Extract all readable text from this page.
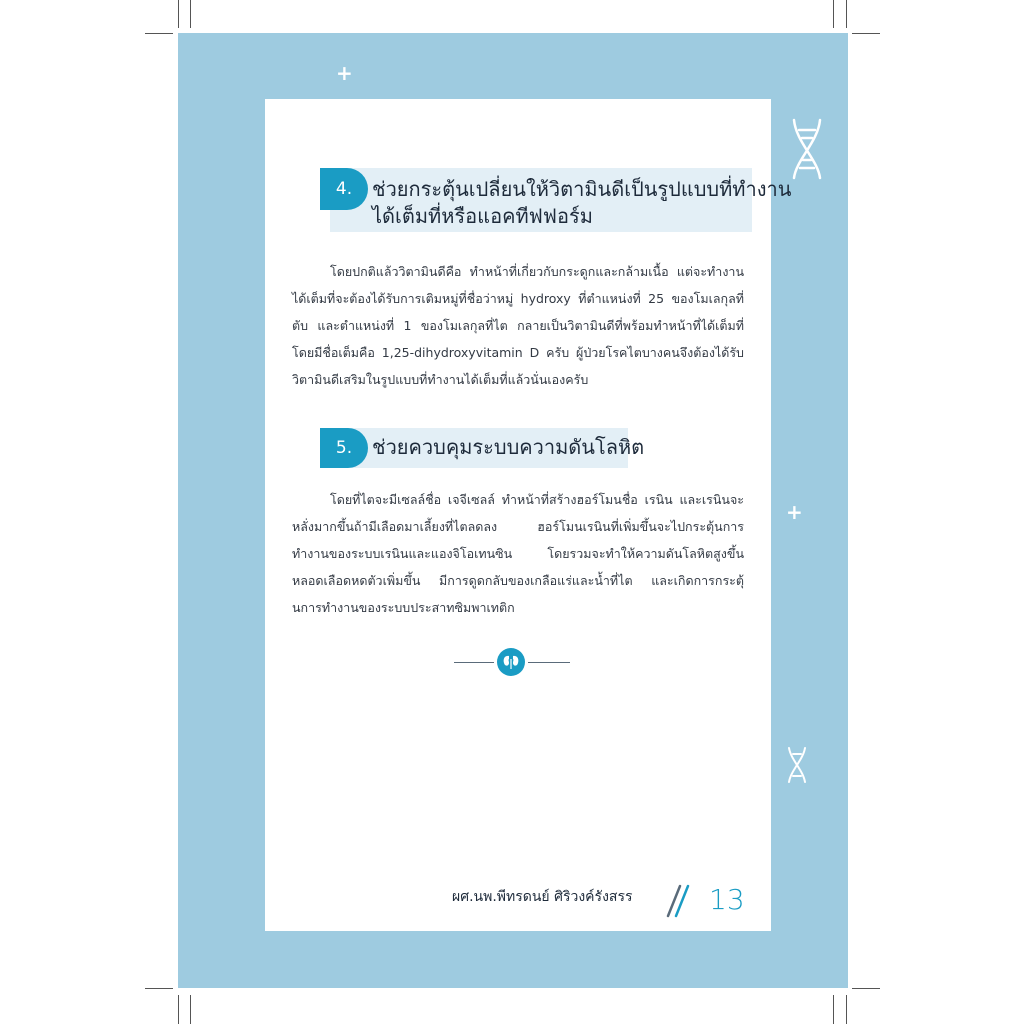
+
+
4. ช่วยกระตุ้นเปลี่ยนให้วิตามินดีเป็นรูปแบบที่ทำงาน
ได้เต็มที่หรือแอคทีฟฟอร์ม
โดยปกติแล้ววิตามินดีคือ ทำหน้าที่เกี่ยวกับกระดูกและกล้ามเนื้อ แต่จะทำงานได้เต็มที่จะต้องได้รับการเติมหมู่ที่ชื่อว่าหมู่ hydroxy ที่ตำแหน่งที่ 25 ของโมเลกุลที่ตับ และตำแหน่งที่ 1 ของโมเลกุลที่ไต กลายเป็นวิตามินดีที่พร้อมทำหน้าที่ได้เต็มที่ โดยมีชื่อเต็มคือ 1,25-dihydroxyvitamin D ครับ ผู้ป่วยโรคไตบางคนจึงต้องได้รับวิตามินดีเสริมในรูปแบบที่ทำงานได้เต็มที่แล้วนั่นเองครับ
5. ช่วยควบคุมระบบความดันโลหิต
โดยที่ไตจะมีเซลล์ชื่อ เจจีเซลล์ ทำหน้าที่สร้างฮอร์โมนชื่อ เรนิน และเรนินจะหลั่งมากขึ้นถ้ามีเลือดมาเลี้ยงที่ไตลดลง ฮอร์โมนเรนินที่เพิ่มขึ้นจะไปกระตุ้นการทำงานของระบบเรนินและแองจิโอเทนซิน โดยรวมจะทำให้ความดันโลหิตสูงขึ้น หลอดเลือดหดตัวเพิ่มขึ้น มีการดูดกลับของเกลือแร่และน้ำที่ไต และเกิดการกระตุ้นการทำงานของระบบประสาทซิมพาเทติก
ผศ.นพ.พีทรดนย์ ศิริวงค์รังสรร	13
